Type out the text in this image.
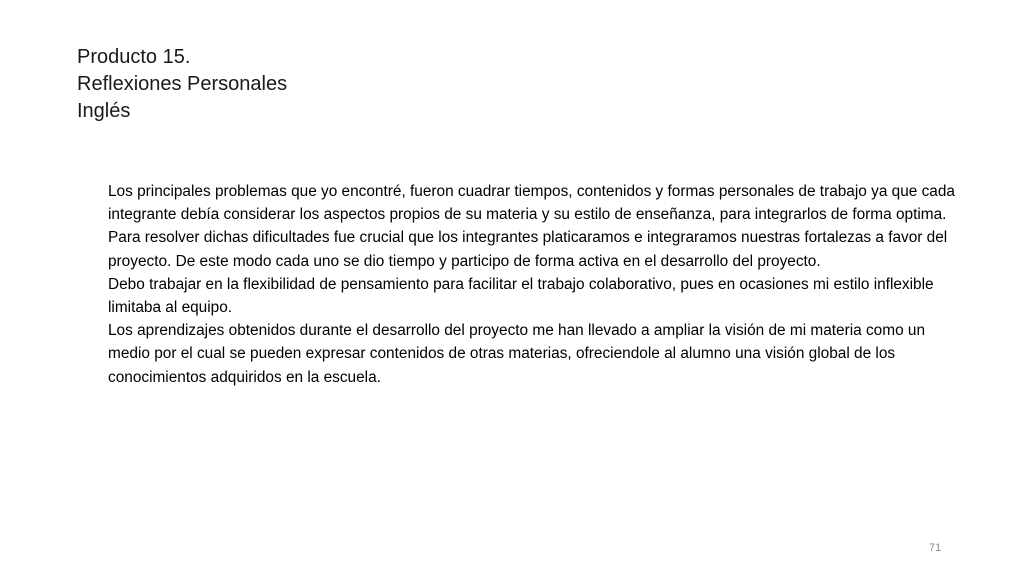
Producto 15.
Reflexiones Personales
Inglés

Los principales problemas que yo encontré, fueron cuadrar tiempos, contenidos y formas personales de trabajo ya que cada integrante debía considerar los aspectos propios de su materia y su estilo de enseñanza, para integrarlos de forma optima. Para resolver dichas dificultades fue crucial que los integrantes platicaramos e integraramos nuestras fortalezas a favor del proyecto. De este modo cada uno se dio tiempo y participo de forma activa en el desarrollo del proyecto.

Debo trabajar en la flexibilidad de pensamiento para facilitar el trabajo colaborativo, pues en ocasiones mi estilo inflexible limitaba al equipo.

Los aprendizajes obtenidos durante el desarrollo del proyecto me han llevado a ampliar la visión de mi materia como un medio por el cual se pueden expresar contenidos de otras materias, ofreciendole al alumno una visión global de los conocimientos adquiridos en la escuela.

71
